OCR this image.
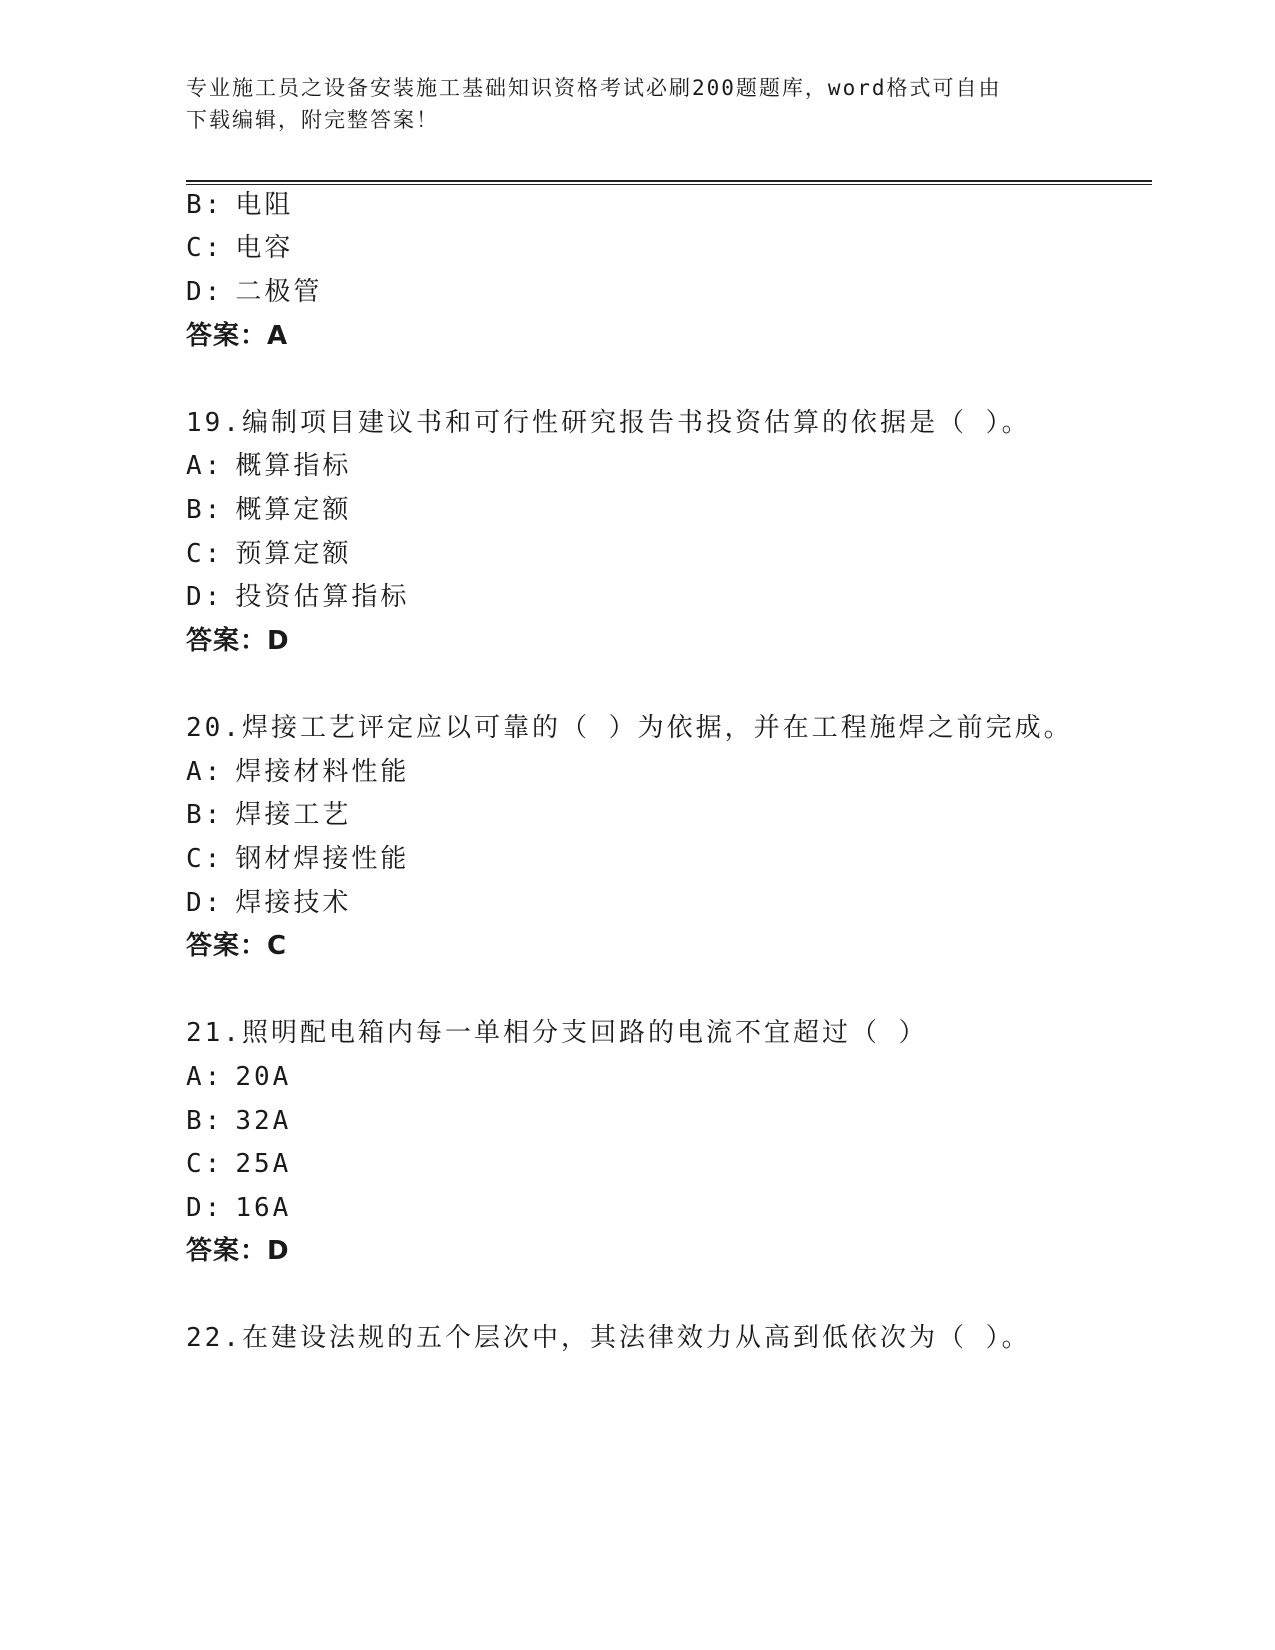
专业施工员之设备安装施工基础知识资格考试必刷200题题库，word格式可自由
下载编辑，附完整答案！
B: 电阻
C: 电容
D: 二极管
答案：A
19.编制项目建议书和可行性研究报告书投资估算的依据是（ ）。
A: 概算指标
B: 概算定额
C: 预算定额
D: 投资估算指标
答案：D
20.焊接工艺评定应以可靠的（ ）为依据，并在工程施焊之前完成。
A: 焊接材料性能
B: 焊接工艺
C: 钢材焊接性能
D: 焊接技术
答案：C
21.照明配电箱内每一单相分支回路的电流不宜超过（ ）
A: 20A
B: 32A
C: 25A
D: 16A
答案：D
22.在建设法规的五个层次中，其法律效力从高到低依次为（ ）。
